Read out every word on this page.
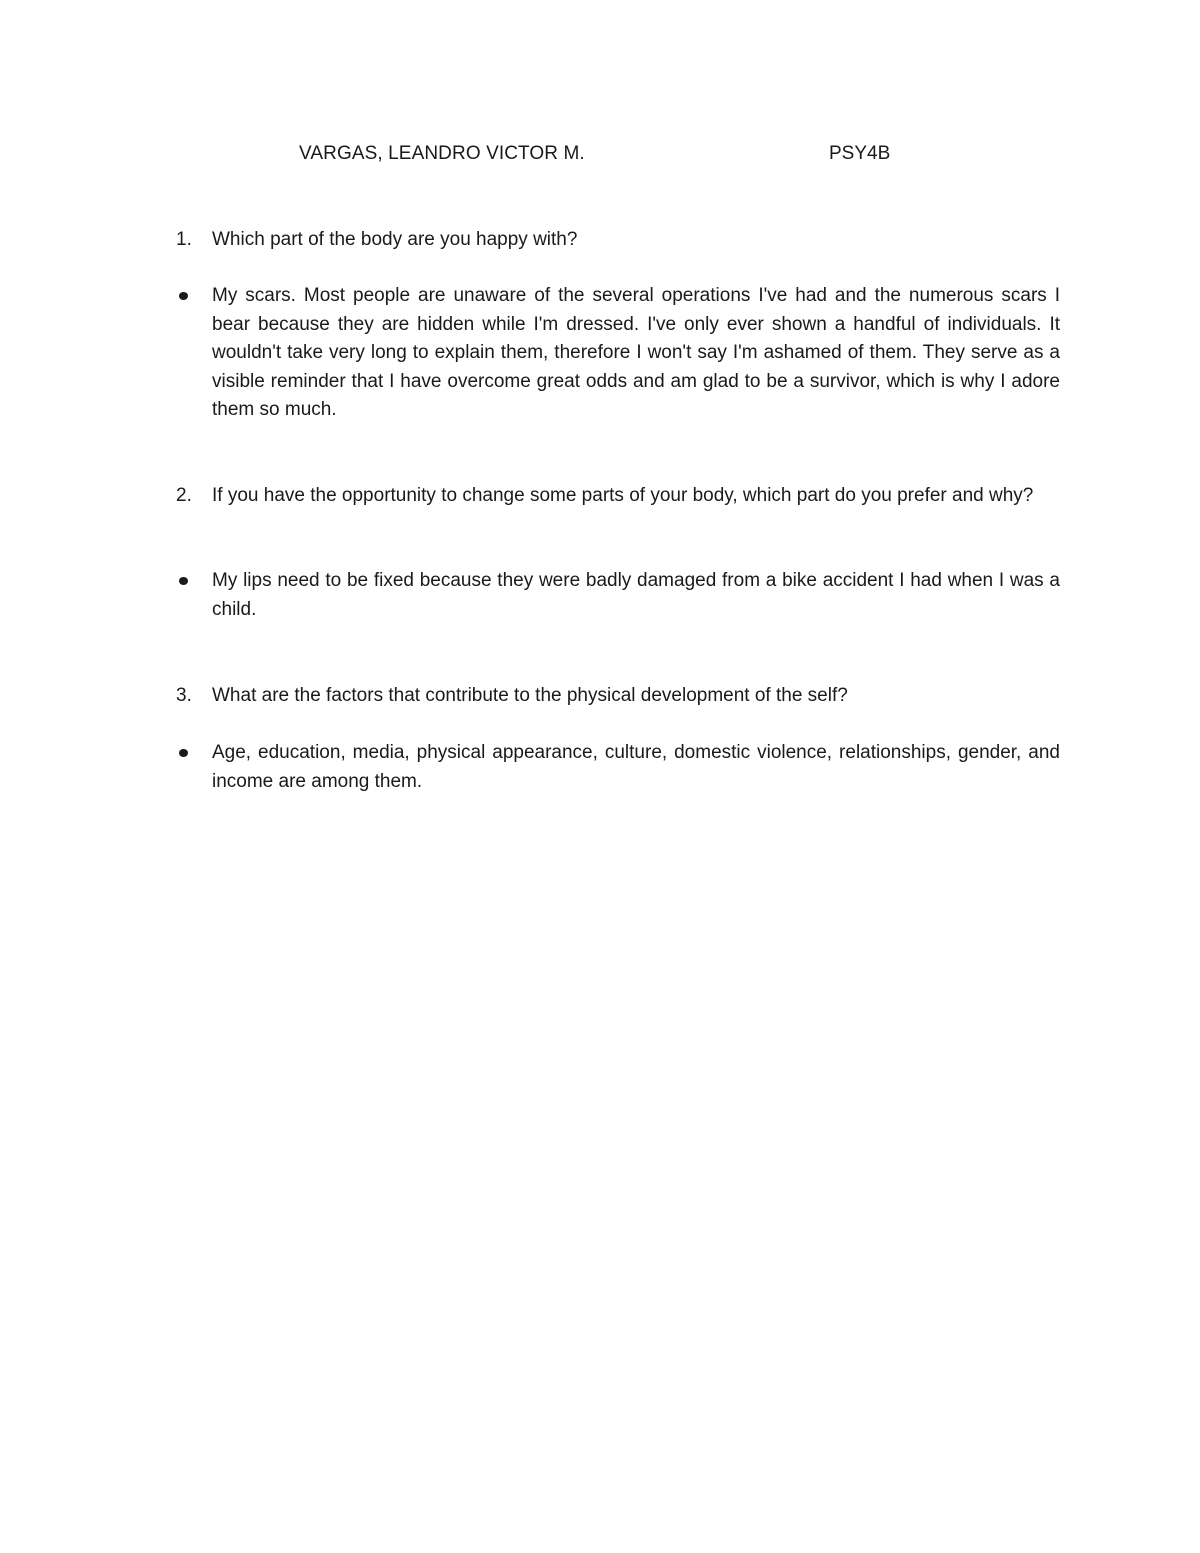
VARGAS, LEANDRO VICTOR M.	PSY4B
1. Which part of the body are you happy with?
My scars. Most people are unaware of the several operations I've had and the numerous scars I bear because they are hidden while I'm dressed. I've only ever shown a handful of individuals. It wouldn't take very long to explain them, therefore I won't say I'm ashamed of them. They serve as a visible reminder that I have overcome great odds and am glad to be a survivor, which is why I adore them so much.
2. If you have the opportunity to change some parts of your body, which part do you prefer and why?
My lips need to be fixed because they were badly damaged from a bike accident I had when I was a child.
3. What are the factors that contribute to the physical development of the self?
Age, education, media, physical appearance, culture, domestic violence, relationships, gender, and income are among them.
